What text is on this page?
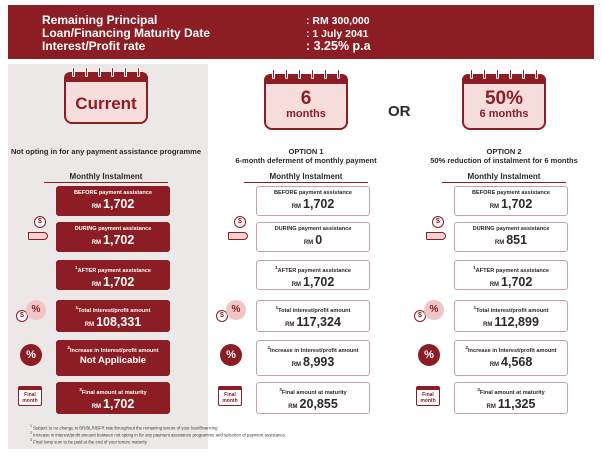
Remaining Principal	: RM 300,000
Loan/Financing Maturity Date	: 1 July 2041
Interest/Profit rate	: 3.25% p.a
OR
Current
Not opting in for any payment assistance programme
Monthly Instalment
BEFORE payment assistance
RM 1,702
$
DURING payment assistance
RM 1,702
$^1$AFTER payment assistance
RM 1,702
$
%	$^1$Total interest/profit amount
RM 108,331
%
$^2$Increase in Interest/profit amount
Not Applicable
Final month
$^3$Final amount at maturity
RM 1,702
6
months
OPTION 1
6-month deferment of monthly payment
Monthly Instalment
BEFORE payment assistance
RM 1,702
$
DURING payment assistance
RM 0
$^1$AFTER payment assistance
RM 1,702
$
%	$^1$Total interest/profit amount
RM 117,324
%
$^2$Increase in Interest/profit amount
RM 8,993
Final month
$^3$Final amount at maturity
RM 20,855
50%
6 months
OPTION 2
50% reduction of instalment for 6 months
Monthly Instalment
BEFORE payment assistance
RM 1,702
$
DURING payment assistance
RM 851
$^1$AFTER payment assistance
RM 1,702
$
%	$^1$Total interest/profit amount
RM 112,899
%
$^2$Increase in Interest/profit amount
RM 4,568
Final month
$^3$Final amount at maturity
RM 11,325
$^1$ Subject to no change in BR/BLR/BFR rate throughout the remaining tenure of your loan/financing
$^2$ Increase in interest/profit amount between not opting in for any payment assistance programme and selection of payment assistance.
$^3$ Final lump sum to be paid at the end of your tenure maturity
